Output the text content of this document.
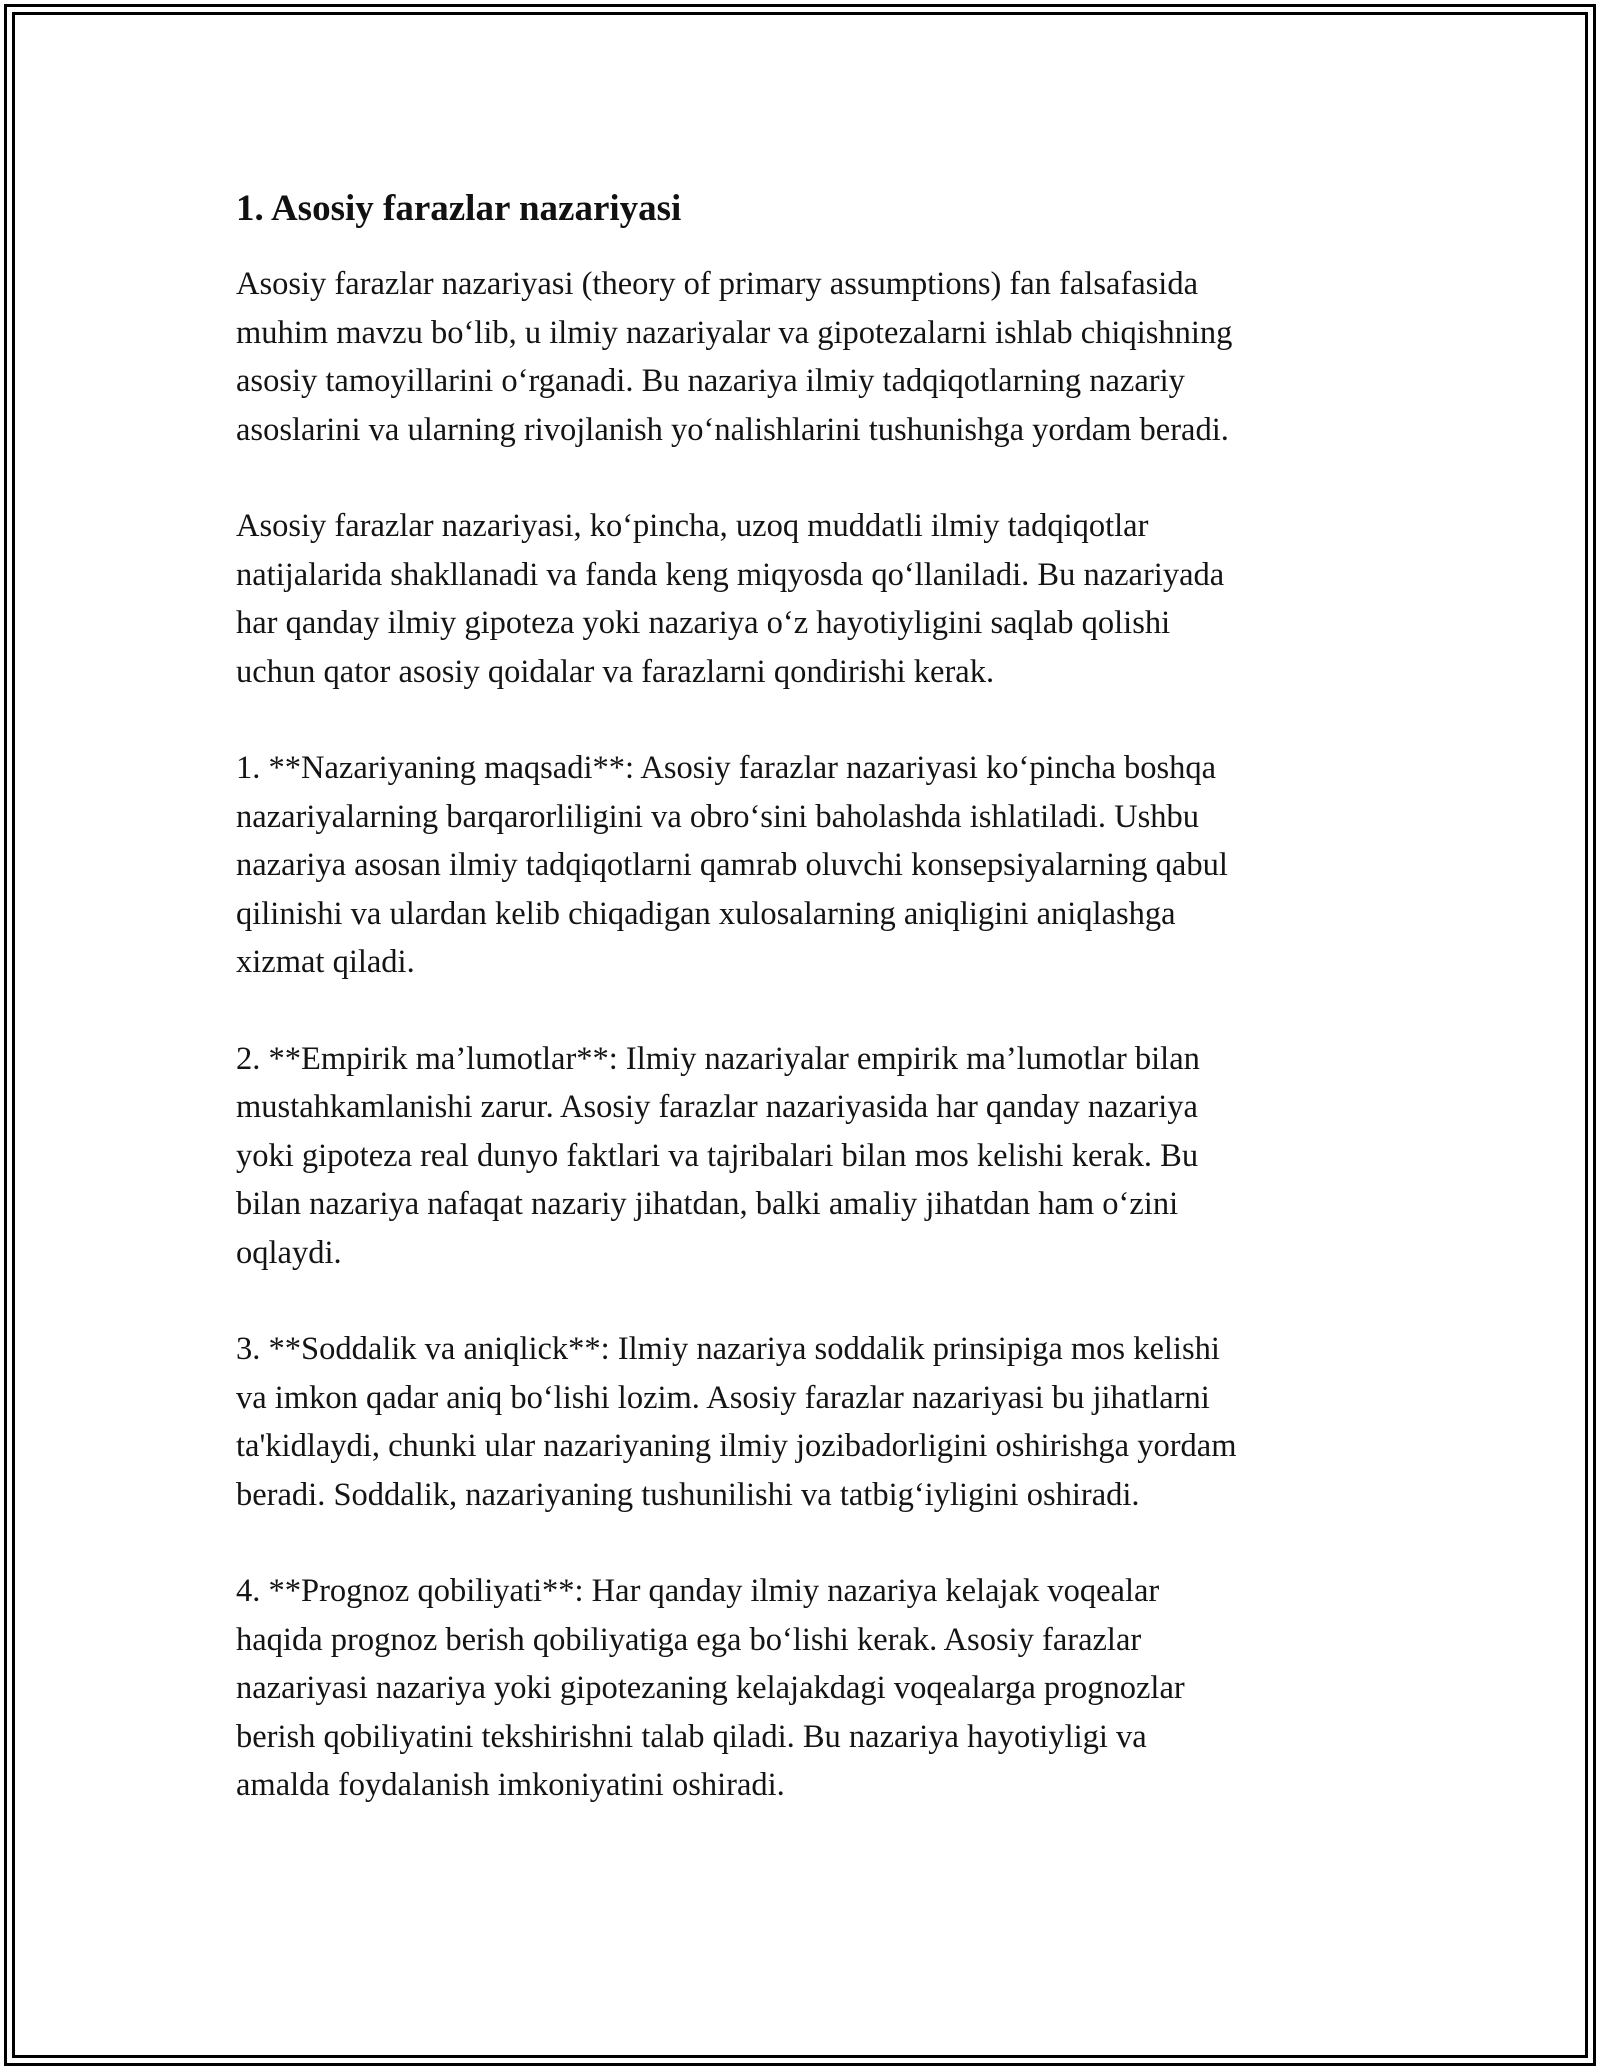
1. Asosiy farazlar nazariyasi

Asosiy farazlar nazariyasi (theory of primary assumptions) fan falsafasida
muhim mavzu bo‘lib, u ilmiy nazariyalar va gipotezalarni ishlab chiqishning
asosiy tamoyillarini o‘rganadi. Bu nazariya ilmiy tadqiqotlarning nazariy
asoslarini va ularning rivojlanish yo‘nalishlarini tushunishga yordam beradi.

Asosiy farazlar nazariyasi, ko‘pincha, uzoq muddatli ilmiy tadqiqotlar
natijalarida shakllanadi va fanda keng miqyosda qo‘llaniladi. Bu nazariyada
har qanday ilmiy gipoteza yoki nazariya o‘z hayotiyligini saqlab qolishi
uchun qator asosiy qoidalar va farazlarni qondirishi kerak.

1. **Nazariyaning maqsadi**: Asosiy farazlar nazariyasi ko‘pincha boshqa
nazariyalarning barqarorliligini va obro‘sini baholashda ishlatiladi. Ushbu
nazariya asosan ilmiy tadqiqotlarni qamrab oluvchi konsepsiyalarning qabul
qilinishi va ulardan kelib chiqadigan xulosalarning aniqligini aniqlashga
xizmat qiladi.

2. **Empirik ma’lumotlar**: Ilmiy nazariyalar empirik ma’lumotlar bilan
mustahkamlanishi zarur. Asosiy farazlar nazariyasida har qanday nazariya
yoki gipoteza real dunyo faktlari va tajribalari bilan mos kelishi kerak. Bu
bilan nazariya nafaqat nazariy jihatdan, balki amaliy jihatdan ham o‘zini
oqlaydi.

3. **Soddalik va aniqlick**: Ilmiy nazariya soddalik prinsipiga mos kelishi
va imkon qadar aniq bo‘lishi lozim. Asosiy farazlar nazariyasi bu jihatlarni
ta'kidlaydi, chunki ular nazariyaning ilmiy jozibadorligini oshirishga yordam
beradi. Soddalik, nazariyaning tushunilishi va tatbig‘iyligini oshiradi.

4. **Prognoz qobiliyati**: Har qanday ilmiy nazariya kelajak voqealar
haqida prognoz berish qobiliyatiga ega bo‘lishi kerak. Asosiy farazlar
nazariyasi nazariya yoki gipotezaning kelajakdagi voqealarga prognozlar
berish qobiliyatini tekshirishni talab qiladi. Bu nazariya hayotiyligi va
amalda foydalanish imkoniyatini oshiradi.
